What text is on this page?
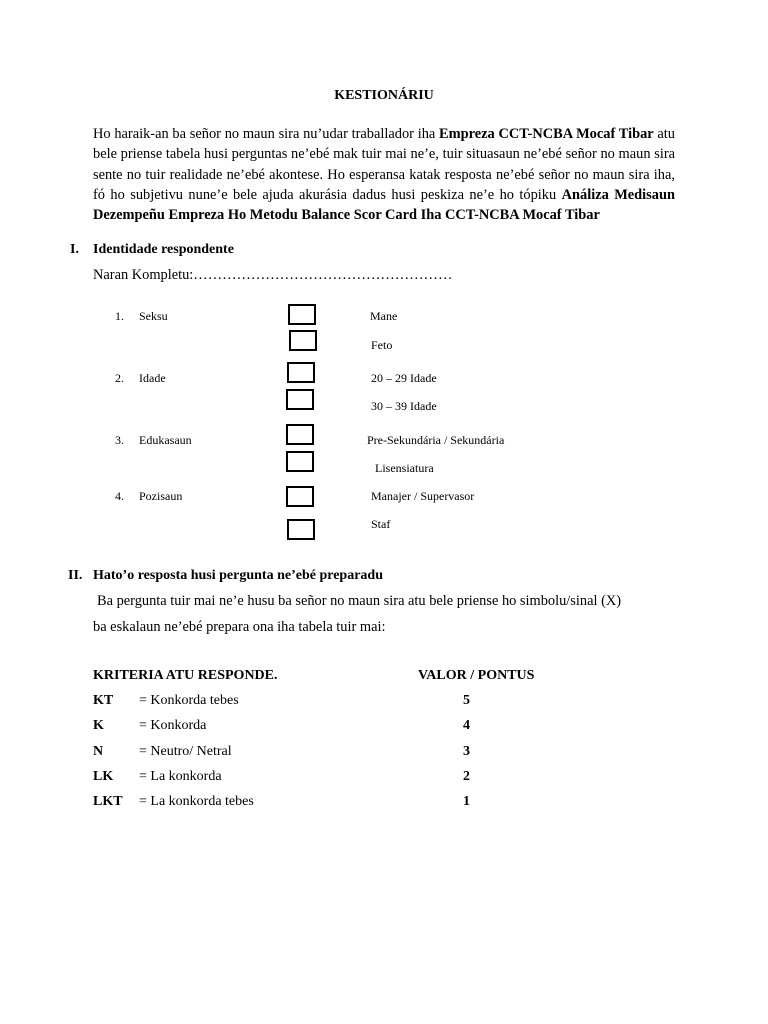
KESTIONÁRIU
Ho haraik-an ba señor no maun sira nu’udar traballador iha Empreza CCT-NCBA Mocaf Tibar atu bele priense tabela husi perguntas ne’ebé mak tuir mai ne’e, tuir situasaun ne’ebé señor no maun sira sente no tuir realidade ne’ebé akontese. Ho esperansa katak resposta ne’ebé señor no maun sira iha, fó ho subjetivu nune’e bele ajuda akurásia dadus husi peskiza ne’e ho tópiku Análiza Medisaun Dezempeñu Empreza Ho Metodu Balance Scor Card Iha CCT-NCBA Mocaf Tibar
I. Identidade respondente
Naran Kompletu:………………………………………………
1. Seksu	Mane
Feto
2. Idade	20 – 29 Idade
30 – 39 Idade
3. Edukasaun	Pre-Sekundária / Sekundária
Lisensiatura
4. Pozisaun	Manajer / Supervasor
Staf
II. Hato’o resposta husi pergunta ne’ebé preparadu
Ba pergunta tuir mai ne’e husu ba señor no maun sira atu bele priense ho simbolu/sinal (X)
ba eskalaun ne’ebé prepara ona iha tabela tuir mai:
KRITERIA ATU RESPONDE.	VALOR / PONTUS
KT = Konkorda tebes	5
K	= Konkorda	4
N	= Neutro/ Netral	3
LK = La konkorda	2
LKT = La konkorda tebes	1
